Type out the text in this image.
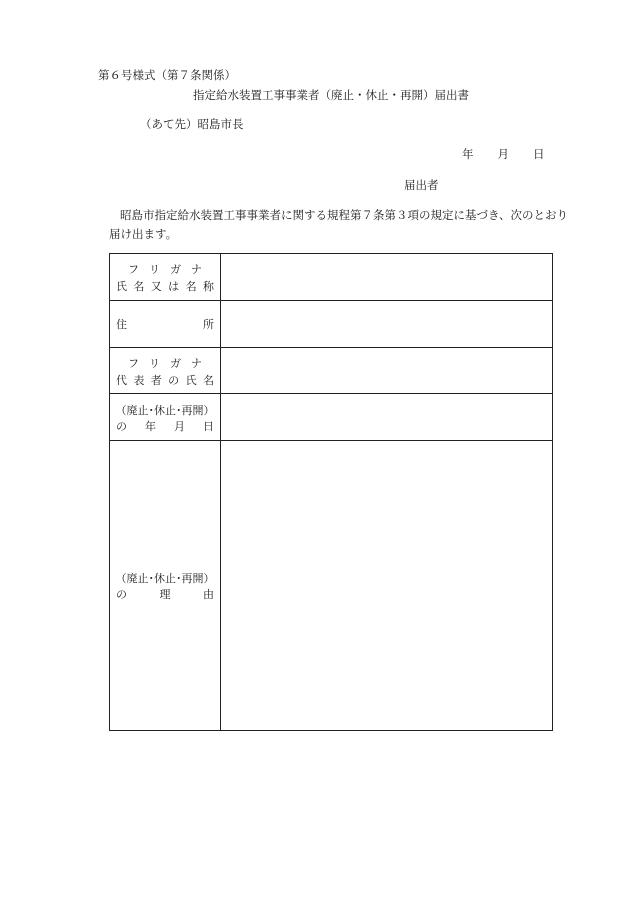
第６号様式（第７条関係）
指定給水装置工事事業者（廃止・休止・再開）届出書
（あて先）昭島市長
年 月 日
届出者
昭島市指定給水装置工事事業者に関する規程第７条第３項の規定に基づき、次のとおり届け出ます。
フ リ ガ ナ
氏 名 又 は 名 称
住	所
フ リ ガ ナ
代 表 者 の 氏 名
（廃止･休止･再開）
の 年 月 日
（廃止･休止･再開）
の	理	由
